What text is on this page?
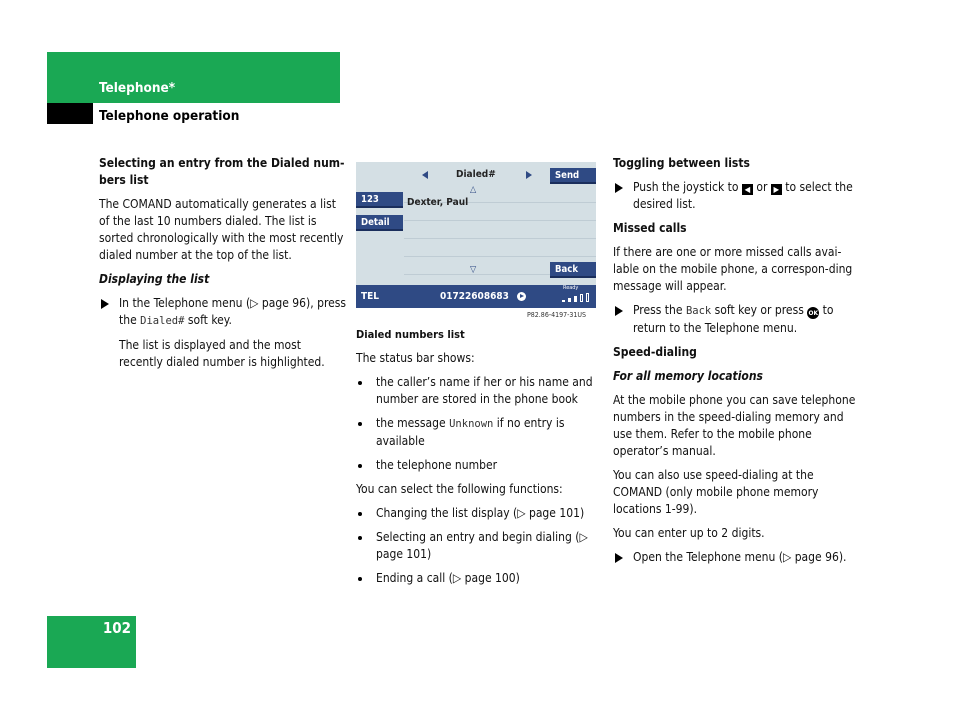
Telephone*
Telephone operation
Selecting an entry from the Dialed num-bers list
The COMAND automatically generates a list of the last 10 numbers dialed. The list is sorted chronologically with the most recently dialed number at the top of the list.
Displaying the list
In the Telephone menu (▷ page 96), press the Dialed# soft key.
The list is displayed and the most recently dialed number is highlighted.
Dialed#
△
Send
123
Detail
Back
Dexter, Paul
▽
TEL	01722608683
Ready
P82.86-4197-31US
Dialed numbers list
The status bar shows:
the caller’s name if her or his name and number are stored in the phone book
the message Unknown if no entry is available
the telephone number
You can select the following functions:
Changing the list display (▷ page 101)
Selecting an entry and begin dialing (▷ page 101)
Ending a call (▷ page 100)
Toggling between lists
Push the joystick to ◀ or ▶ to select the desired list.
Missed calls
If there are one or more missed calls avai-lable on the mobile phone, a correspon-ding message will appear.
Press the Back soft key or press OK to return to the Telephone menu.
Speed-dialing
For all memory locations
At the mobile phone you can save telephone numbers in the speed-dialing memory and use them. Refer to the mobile phone operator’s manual.
You can also use speed-dialing at the COMAND (only mobile phone memory locations 1-99).
You can enter up to 2 digits.
Open the Telephone menu (▷ page 96).
102
